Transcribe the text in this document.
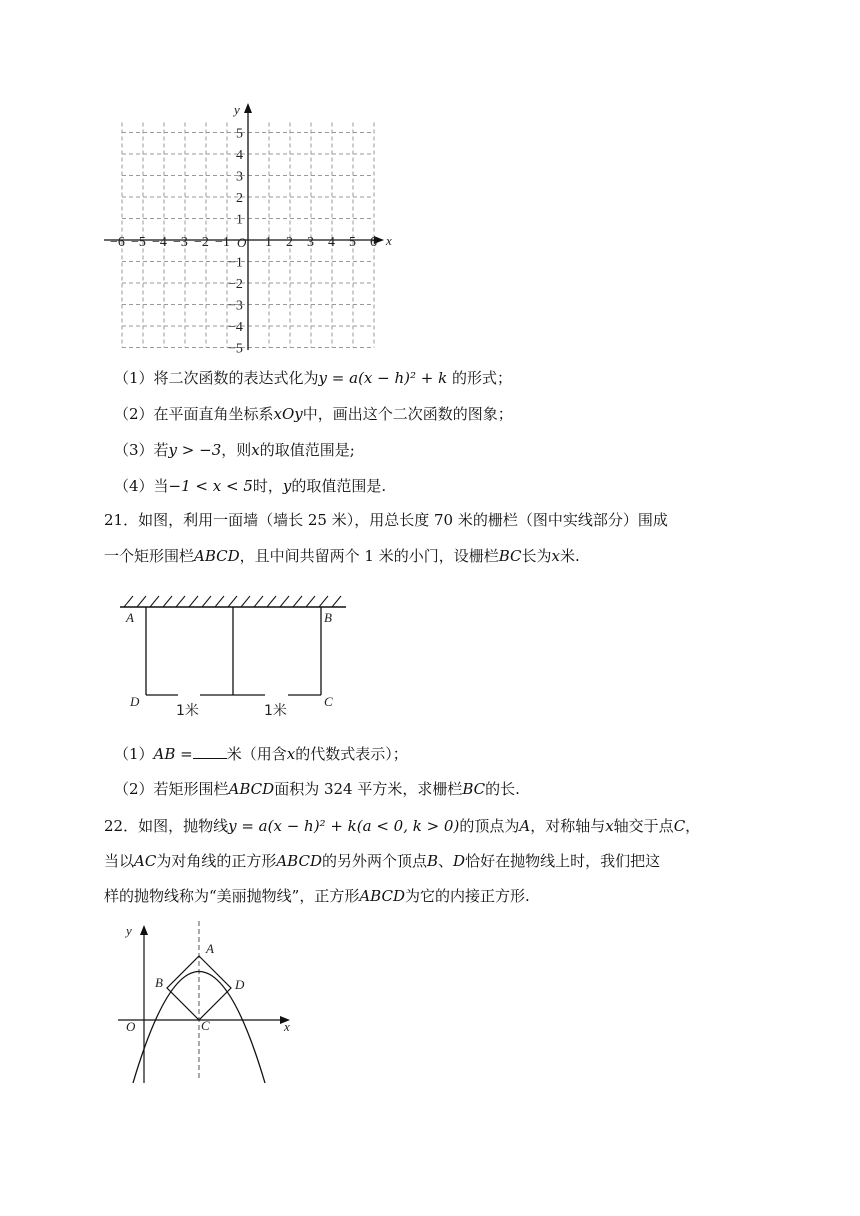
y
x
O
−6 −5 −4 −3 −2 −1	1 2 3 4 5 6
5
4
3
2
1
−1
−2
−3
−4
−5
（1）将二次函数的表达式化为y = a(x − h)² + k 的形式；
（2）在平面直角坐标系xOy中，画出这个二次函数的图象；
（3）若y > −3，则x的取值范围是;
（4）当−1 < x < 5时，y的取值范围是.
21．如图，利用一面墙（墙长 25 米），用总长度 70 米的栅栏（图中实线部分）围成
一个矩形围栏ABCD，且中间共留两个 1 米的小门，设栅栏BC长为x米.
A	B
D	C
1米	1米
（1）AB = 米（用含x的代数式表示）；
（2）若矩形围栏ABCD面积为 324 平方米，求栅栏BC的长.
22．如图，抛物线y = a(x − h)² + k(a < 0, k > 0)的顶点为A，对称轴与x轴交于点C，
当以AC为对角线的正方形ABCD的另外两个顶点B、D恰好在抛物线上时，我们把这
样的抛物线称为“美丽抛物线”，正方形ABCD为它的内接正方形.
y
x
O
A
B	D
C
